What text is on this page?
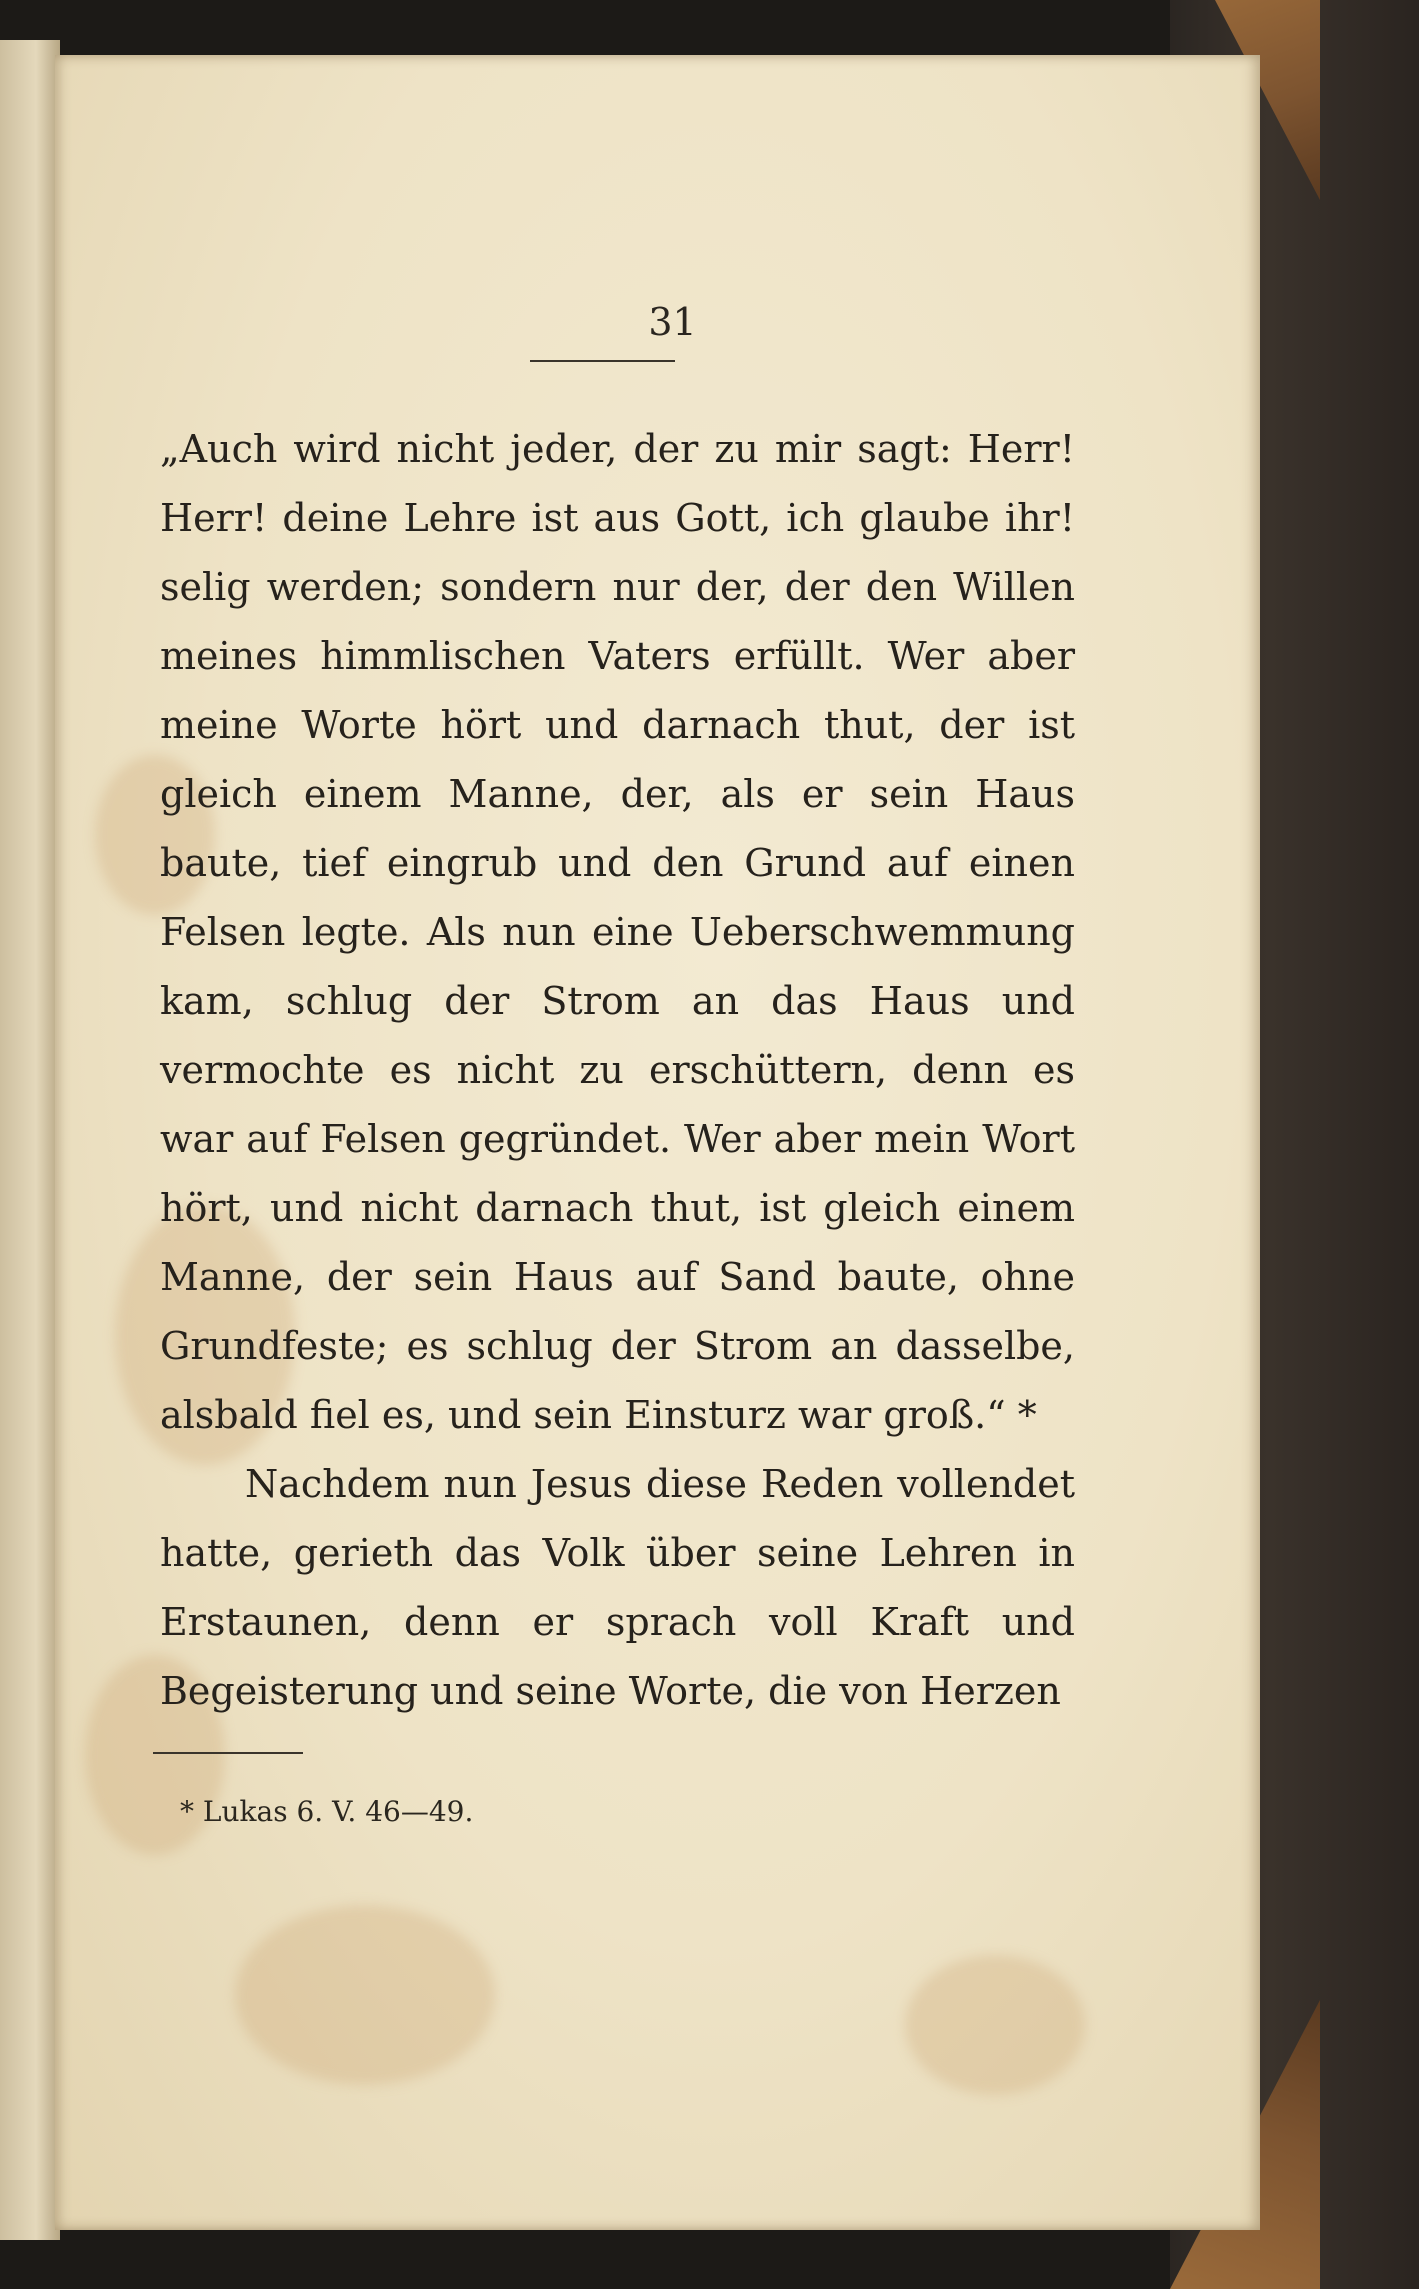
31

„Auch wird nicht jeder, der zu mir sagt: Herr! Herr! deine Lehre ist aus Gott, ich glaube ihr! selig werden; sondern nur der, der den Willen meines himmlischen Vaters erfüllt. Wer aber meine Worte hört und darnach thut, der ist gleich einem Manne, der, als er sein Haus baute, tief eingrub und den Grund auf einen Felsen legte. Als nun eine Ueberschwemmung kam, schlug der Strom an das Haus und vermochte es nicht zu erschüttern, denn es war auf Felsen gegründet. Wer aber mein Wort hört, und nicht darnach thut, ist gleich einem Manne, der sein Haus auf Sand baute, ohne Grundfeste; es schlug der Strom an dasselbe, alsbald fiel es, und sein Einsturz war groß.“ *

Nachdem nun Jesus diese Reden vollendet hatte, gerieth das Volk über seine Lehren in Erstaunen, denn er sprach voll Kraft und Begeisterung und seine Worte, die von Herzen

* Lukas 6. V. 46—49.
